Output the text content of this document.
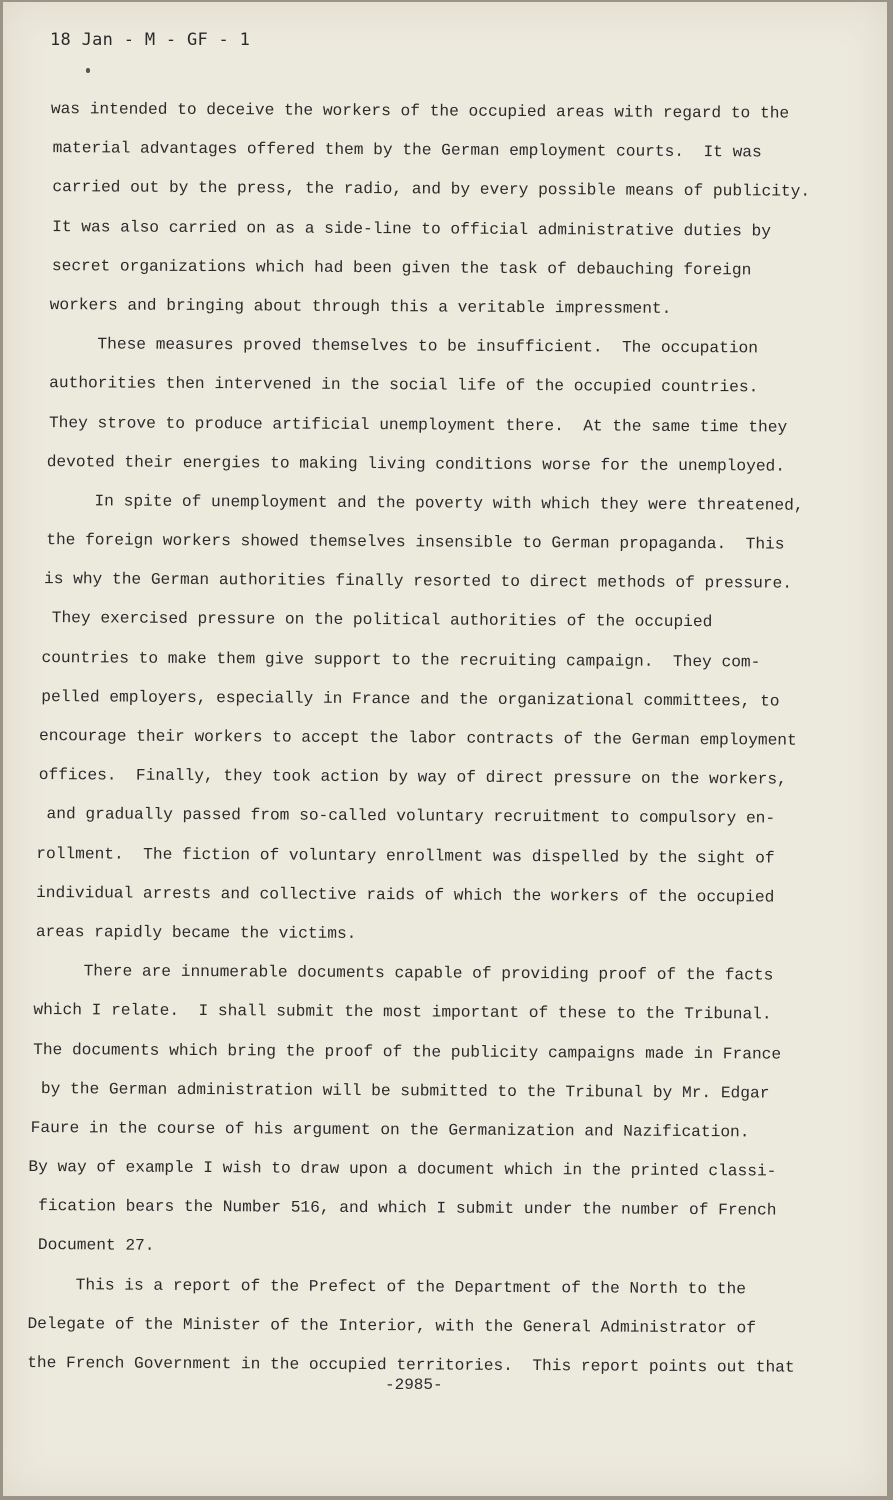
18 Jan - M - GF - 1
was intended to deceive the workers of the occupied areas with regard to the
material advantages offered them by the German employment courts.  It was
carried out by the press, the radio, and by every possible means of publicity.
It was also carried on as a side-line to official administrative duties by
secret organizations which had been given the task of debauching foreign
workers and bringing about through this a veritable impressment.
These measures proved themselves to be insufficient.  The occupation
authorities then intervened in the social life of the occupied countries.
They strove to produce artificial unemployment there.  At the same time they
devoted their energies to making living conditions worse for the unemployed.
In spite of unemployment and the poverty with which they were threatened,
the foreign workers showed themselves insensible to German propaganda.  This
is why the German authorities finally resorted to direct methods of pressure.
They exercised pressure on the political authorities of the occupied
countries to make them give support to the recruiting campaign.  They com-
pelled employers, especially in France and the organizational committees, to
encourage their workers to accept the labor contracts of the German employment
offices.  Finally, they took action by way of direct pressure on the workers,
and gradually passed from so-called voluntary recruitment to compulsory en-
rollment.  The fiction of voluntary enrollment was dispelled by the sight of
individual arrests and collective raids of which the workers of the occupied
areas rapidly became the victims.
There are innumerable documents capable of providing proof of the facts
which I relate.  I shall submit the most important of these to the Tribunal.
The documents which bring the proof of the publicity campaigns made in France
by the German administration will be submitted to the Tribunal by Mr. Edgar
Faure in the course of his argument on the Germanization and Nazification.
By way of example I wish to draw upon a document which in the printed classi-
fication bears the Number 516, and which I submit under the number of French
Document 27.
This is a report of the Prefect of the Department of the North to the
Delegate of the Minister of the Interior, with the General Administrator of
the French Government in the occupied territories.  This report points out that
-2985-
